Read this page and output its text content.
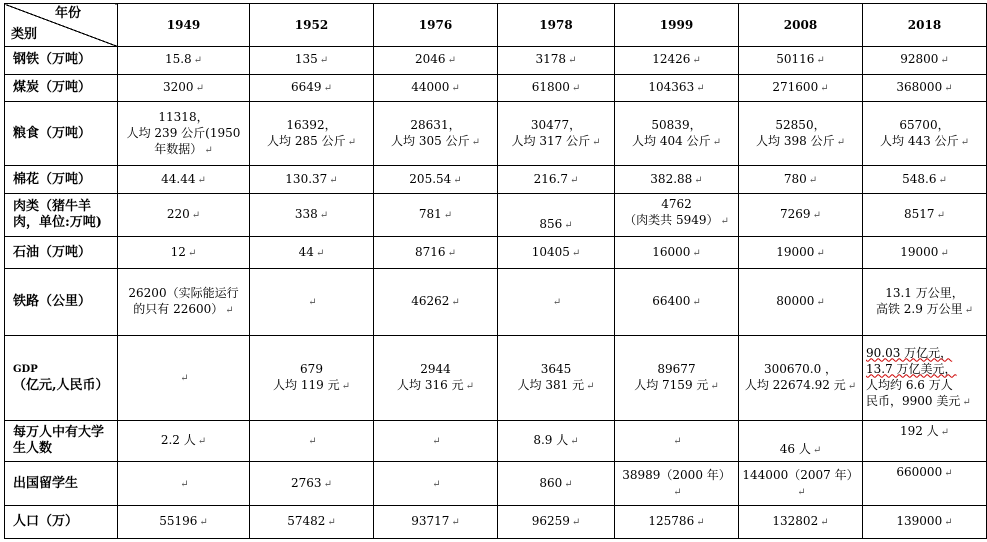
年份
类别	1949	1952	1976	1978	1999	2008	2018
钢铁（万吨）	15.8 ↵	135 ↵	2046 ↵	3178 ↵	12426 ↵	50116 ↵	92800 ↵

煤炭（万吨）	3200 ↵	6649 ↵	44000 ↵	61800 ↵	104363 ↵	271600 ↵	368000 ↵

粮食（万吨）	11318，
人均 239 公斤(1950
年数据） ↵	16392，
人均 285 公斤 ↵	28631，
人均 305 公斤 ↵	30477，
人均 317 公斤 ↵	50839，
人均 404 公斤 ↵	52850，
人均 398 公斤 ↵	65700，
人均 443 公斤 ↵

棉花（万吨）	44.44 ↵	130.37 ↵	205.54 ↵	216.7 ↵	382.88 ↵	780 ↵	548.6 ↵

肉类（猪牛羊
肉，单位:万吨)	220 ↵	338 ↵	781 ↵	856 ↵	4762
（肉类共 5949） ↵	7269 ↵	8517 ↵

石油（万吨）	12 ↵	44 ↵	8716 ↵	10405 ↵	16000 ↵	19000 ↵	19000 ↵

铁路（公里）	26200（实际能运行
的只有 22600） ↵	↵	46262 ↵	↵	66400 ↵	80000 ↵	13.1 万公里，
高铁 2.9 万公里 ↵

GDP
（亿元,人民币）	↵	679
人均 119 元 ↵	2944
人均 316 元 ↵	3645
人均 381 元 ↵	89677
人均 7159 元 ↵	300670.0 ，
人均 22674.92 元 ↵	90.03 万亿元，
13.7 万亿美元，
人均约 6.6 万人
民币，9900 美元 ↵

每万人中有大学
生人数	2.2 人 ↵	↵	↵	8.9 人 ↵	↵	46 人 ↵	192 人 ↵

出国留学生	↵	2763 ↵	↵	860 ↵	38989（2000 年）↵	144000（2007 年）↵	660000 ↵

人口（万）	55196 ↵	57482 ↵	93717 ↵	96259 ↵	125786 ↵	132802 ↵	139000 ↵
